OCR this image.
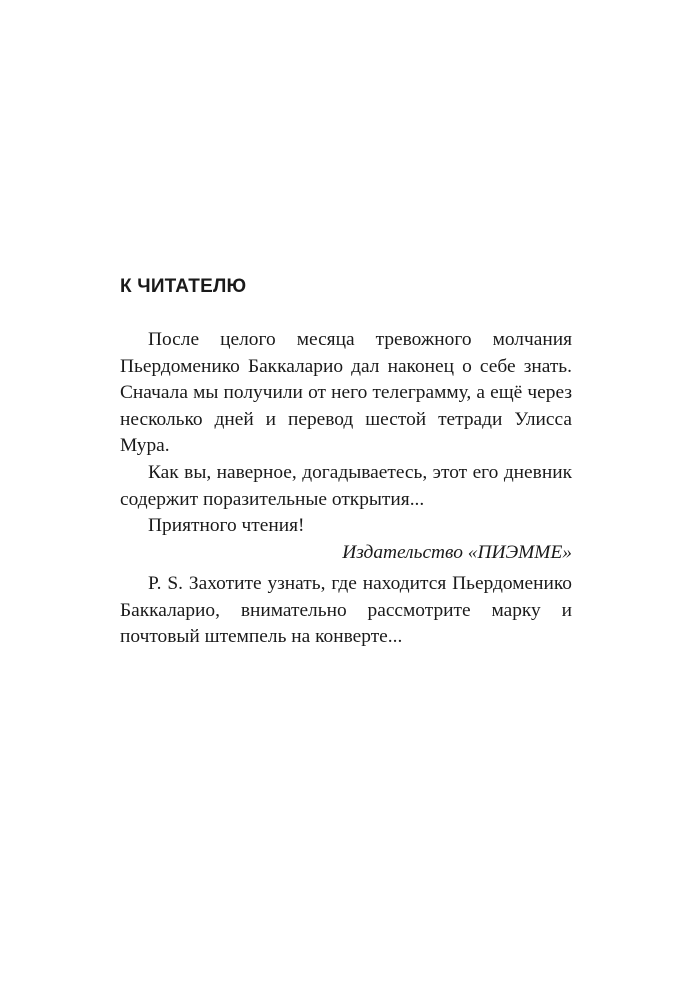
К ЧИТАТЕЛЮ

После целого месяца тревожного молчания Пьердоменико Баккаларио дал наконец о себе знать. Сначала мы получили от него телеграмму, а ещё через несколько дней и перевод шестой тетради Улисса Мура.

Как вы, наверное, догадываетесь, этот его дневник содержит поразительные открытия...

Приятного чтения!

Издательство «ПИЭММЕ»

P. S. Захотите узнать, где находится Пьердоменико Баккаларио, внимательно рассмотрите марку и почтовый штемпель на конверте...
